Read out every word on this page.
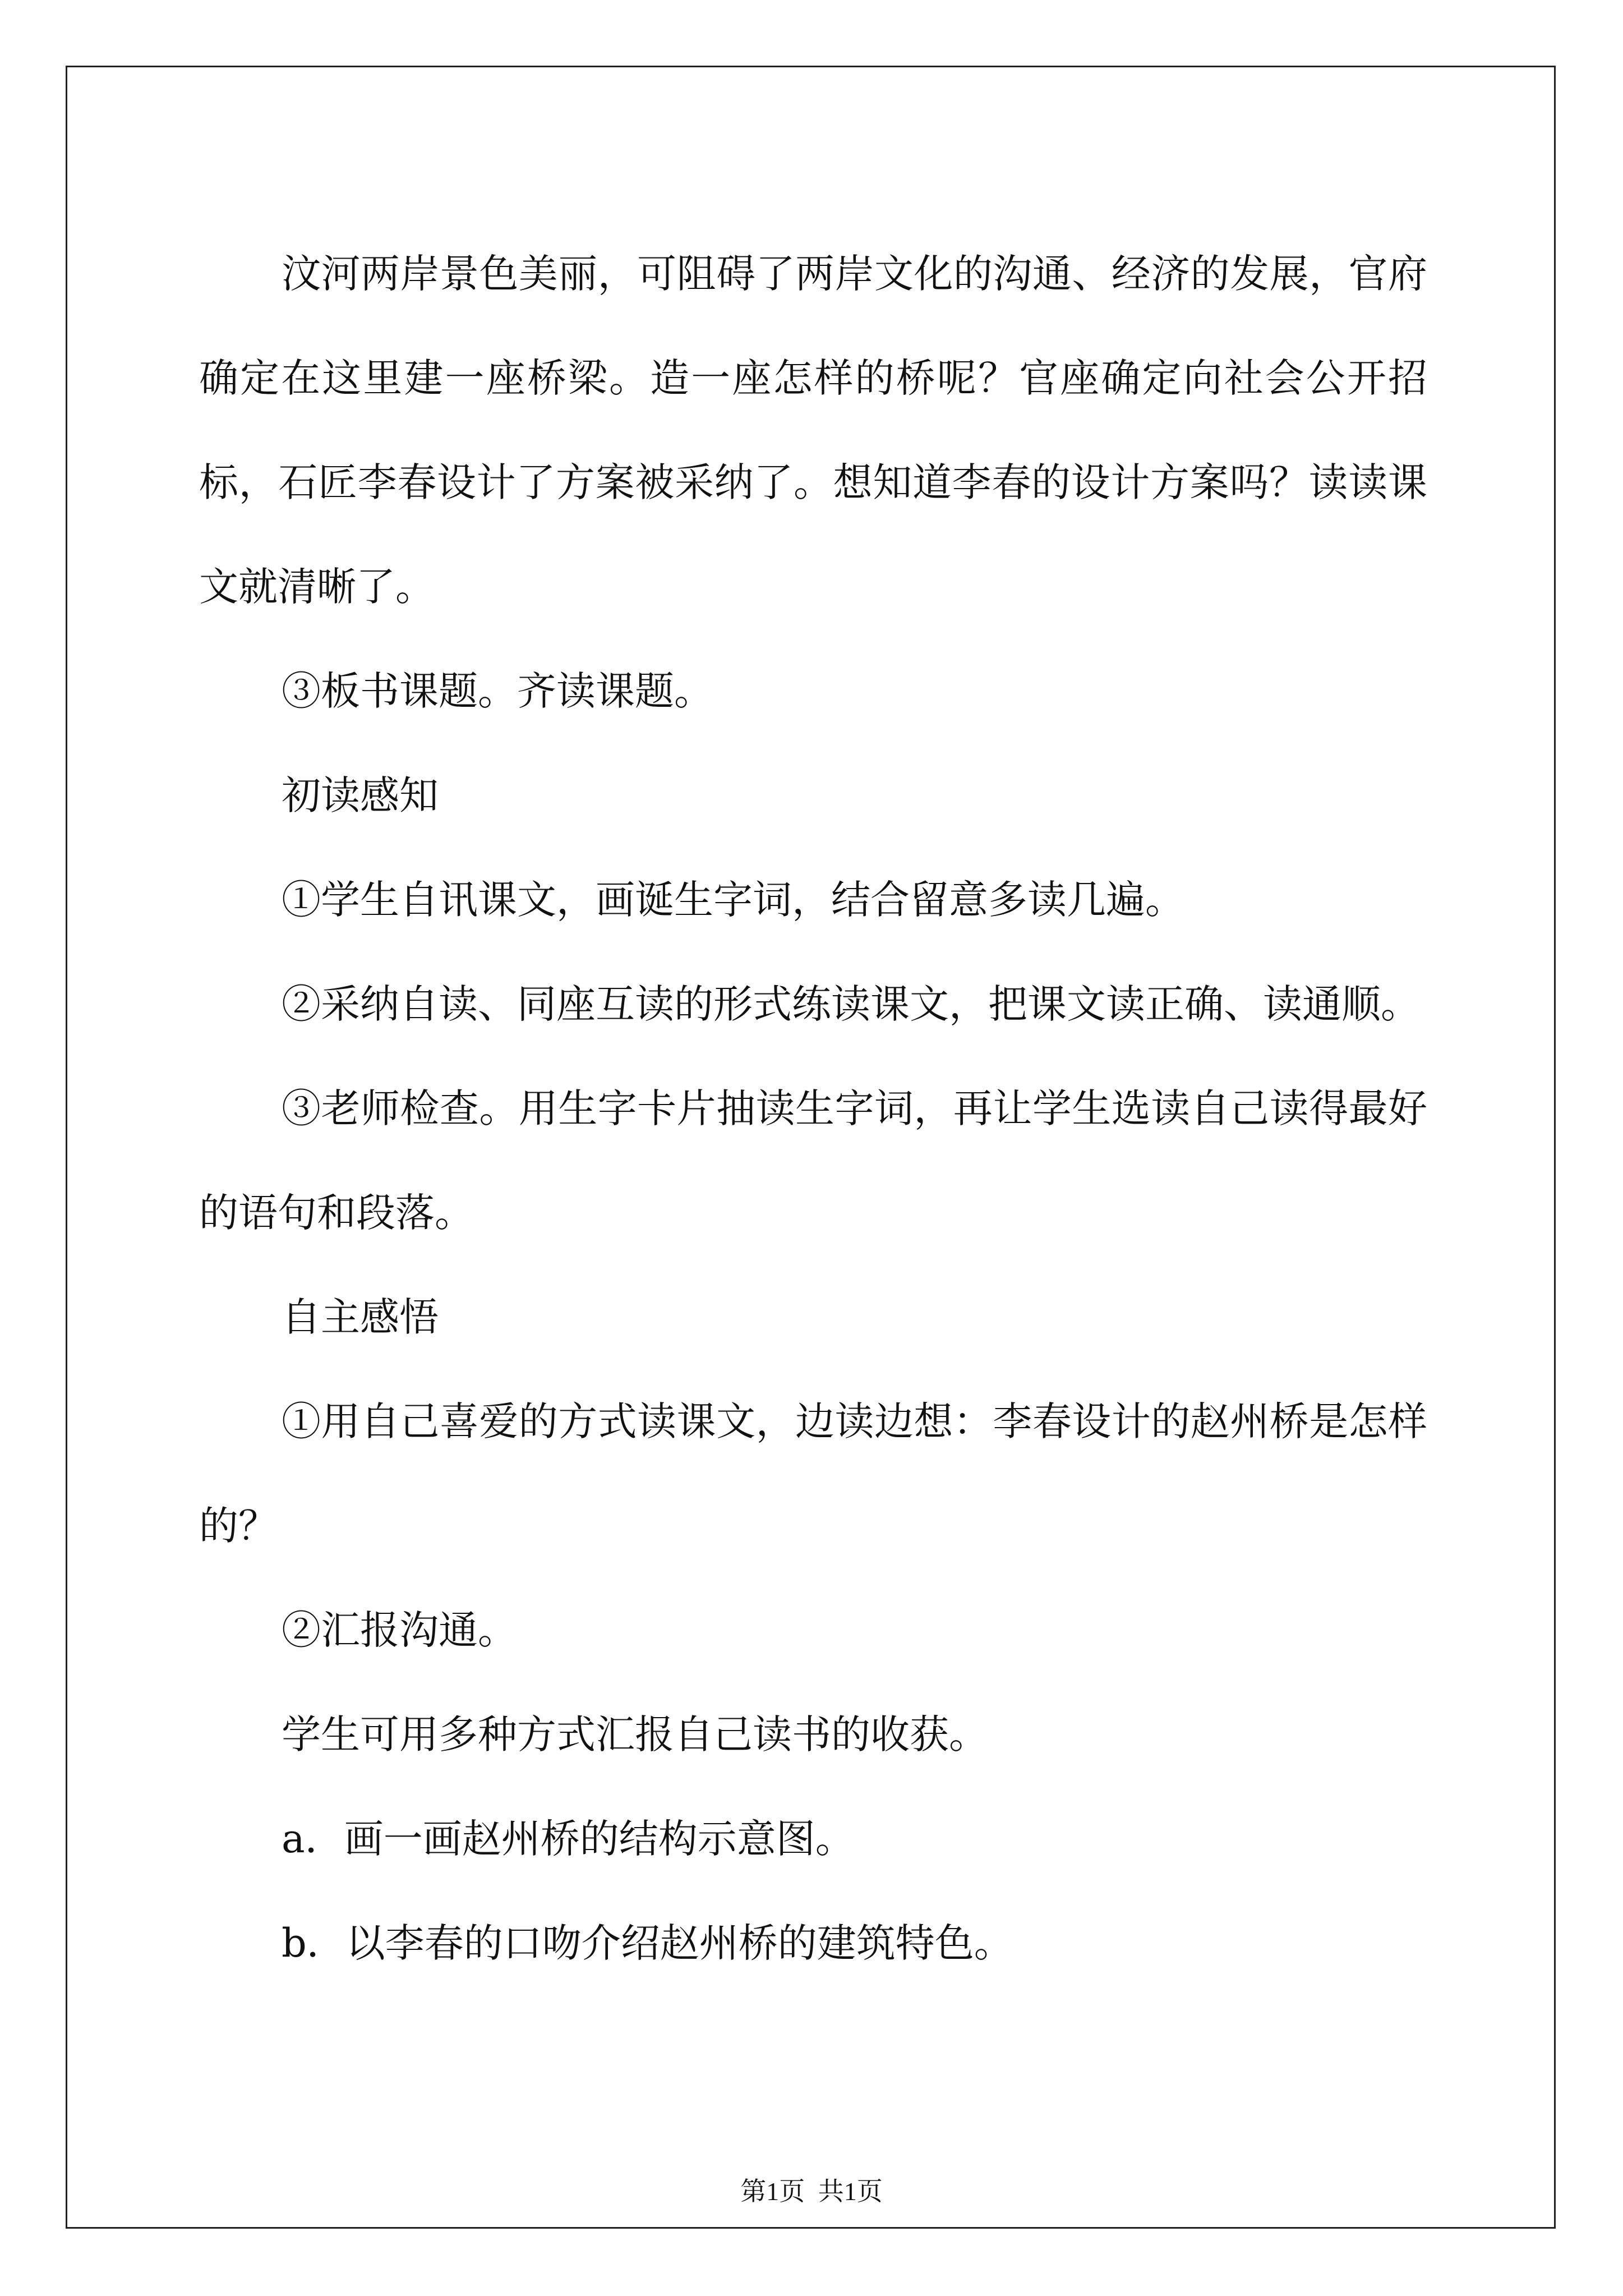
汶河两岸景色美丽，可阻碍了两岸文化的沟通、经济的发展，官府确定在这里建一座桥梁。造一座怎样的桥呢？官座确定向社会公开招标，石匠李春设计了方案被采纳了。想知道李春的设计方案吗？读读课文就清晰了。

③板书课题。齐读课题。

初读感知

①学生自讯课文，画诞生字词，结合留意多读几遍。

②采纳自读、同座互读的形式练读课文，把课文读正确、读通顺。

③老师检查。用生字卡片抽读生字词，再让学生选读自己读得最好的语句和段落。

自主感悟

①用自己喜爱的方式读课文，边读边想：李春设计的赵州桥是怎样的？

②汇报沟通。

学生可用多种方式汇报自己读书的收获。

a．画一画赵州桥的结构示意图。

b．以李春的口吻介绍赵州桥的建筑特色。

第1页 共1页
